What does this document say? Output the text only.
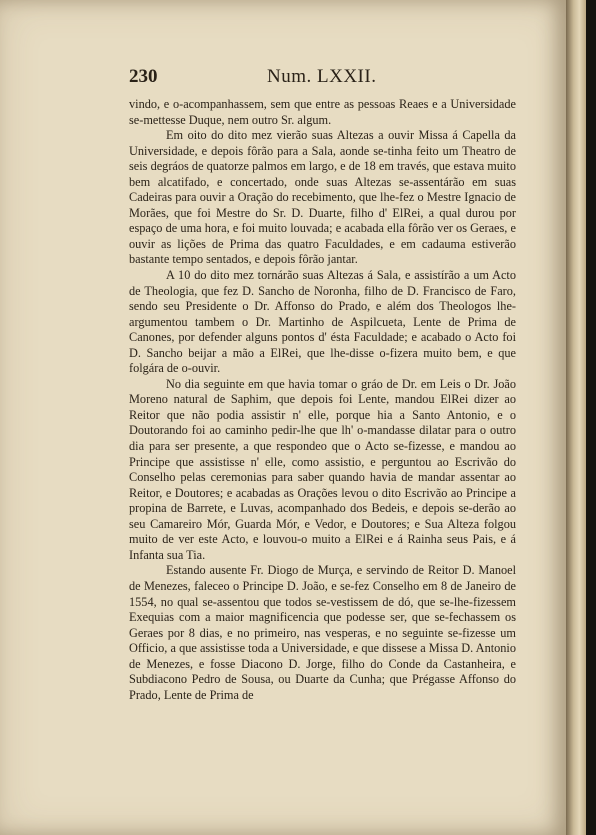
230	Num. LXXII.

vindo, e o-acompanhassem, sem que entre as pessoas Reaes e a Universidade se-mettesse Duque, nem outro Sr. algum.

Em oito do dito mez vierão suas Altezas a ouvir Missa á Capella da Universidade, e depois fôrão para a Sala, aonde se-tinha feito um Theatro de seis degráos de quatorze palmos em largo, e de 18 em través, que estava muito bem alcatifado, e concertado, onde suas Altezas se-assentárão em suas Cadeiras para ouvir a Oração do recebimento, que lhe-fez o Mestre Ignacio de Morães, que foi Mestre do Sr. D. Duarte, filho d' ElRei, a qual durou por espaço de uma hora, e foi muito louvada; e acabada ella fôrão ver os Geraes, e ouvir as lições de Prima das quatro Faculdades, e em cadauma estiverão bastante tempo sentados, e depois fôrão jantar.

A 10 do dito mez tornárão suas Altezas á Sala, e assistírão a um Acto de Theologia, que fez D. Sancho de Noronha, filho de D. Francisco de Faro, sendo seu Presidente o Dr. Affonso do Prado, e além dos Theologos lhe-argumentou tambem o Dr. Martinho de Aspilcueta, Lente de Prima de Canones, por defender alguns pontos d' ésta Faculdade; e acabado o Acto foi D. Sancho beijar a mão a ElRei, que lhe-disse o-fizera muito bem, e que folgára de o-ouvir.

No dia seguinte em que havia tomar o gráo de Dr. em Leis o Dr. João Moreno natural de Saphim, que depois foi Lente, mandou ElRei dizer ao Reitor que não podia assistir n' elle, porque hia a Santo Antonio, e o Doutorando foi ao caminho pedir-lhe que lh' o-mandasse dilatar para o outro dia para ser presente, a que respondeo que o Acto se-fizesse, e mandou ao Principe que assistisse n' elle, como assistio, e perguntou ao Escrivão do Conselho pelas ceremonias para saber quando havia de mandar assentar ao Reitor, e Doutores; e acabadas as Orações levou o dito Escrivão ao Principe a propina de Barrete, e Luvas, acompanhado dos Bedeis, e depois se-derão ao seu Camareiro Mór, Guarda Mór, e Vedor, e Doutores; e Sua Alteza folgou muito de ver este Acto, e louvou-o muito a ElRei e á Rainha seus Pais, e á Infanta sua Tia.

Estando ausente Fr. Diogo de Murça, e servindo de Reitor D. Manoel de Menezes, faleceo o Principe D. João, e se-fez Conselho em 8 de Janeiro de 1554, no qual se-assentou que todos se-vestissem de dó, que se-lhe-fizessem Exequias com a maior magnificencia que podesse ser, que se-fechassem os Geraes por 8 dias, e no primeiro, nas vesperas, e no seguinte se-fizesse um Officio, a que assistisse toda a Universidade, e que dissese a Missa D. Antonio de Menezes, e fosse Diacono D. Jorge, filho do Conde da Castanheira, e Subdiacono Pedro de Sousa, ou Duarte da Cunha; que Prégasse Affonso do Prado, Lente de Prima de
